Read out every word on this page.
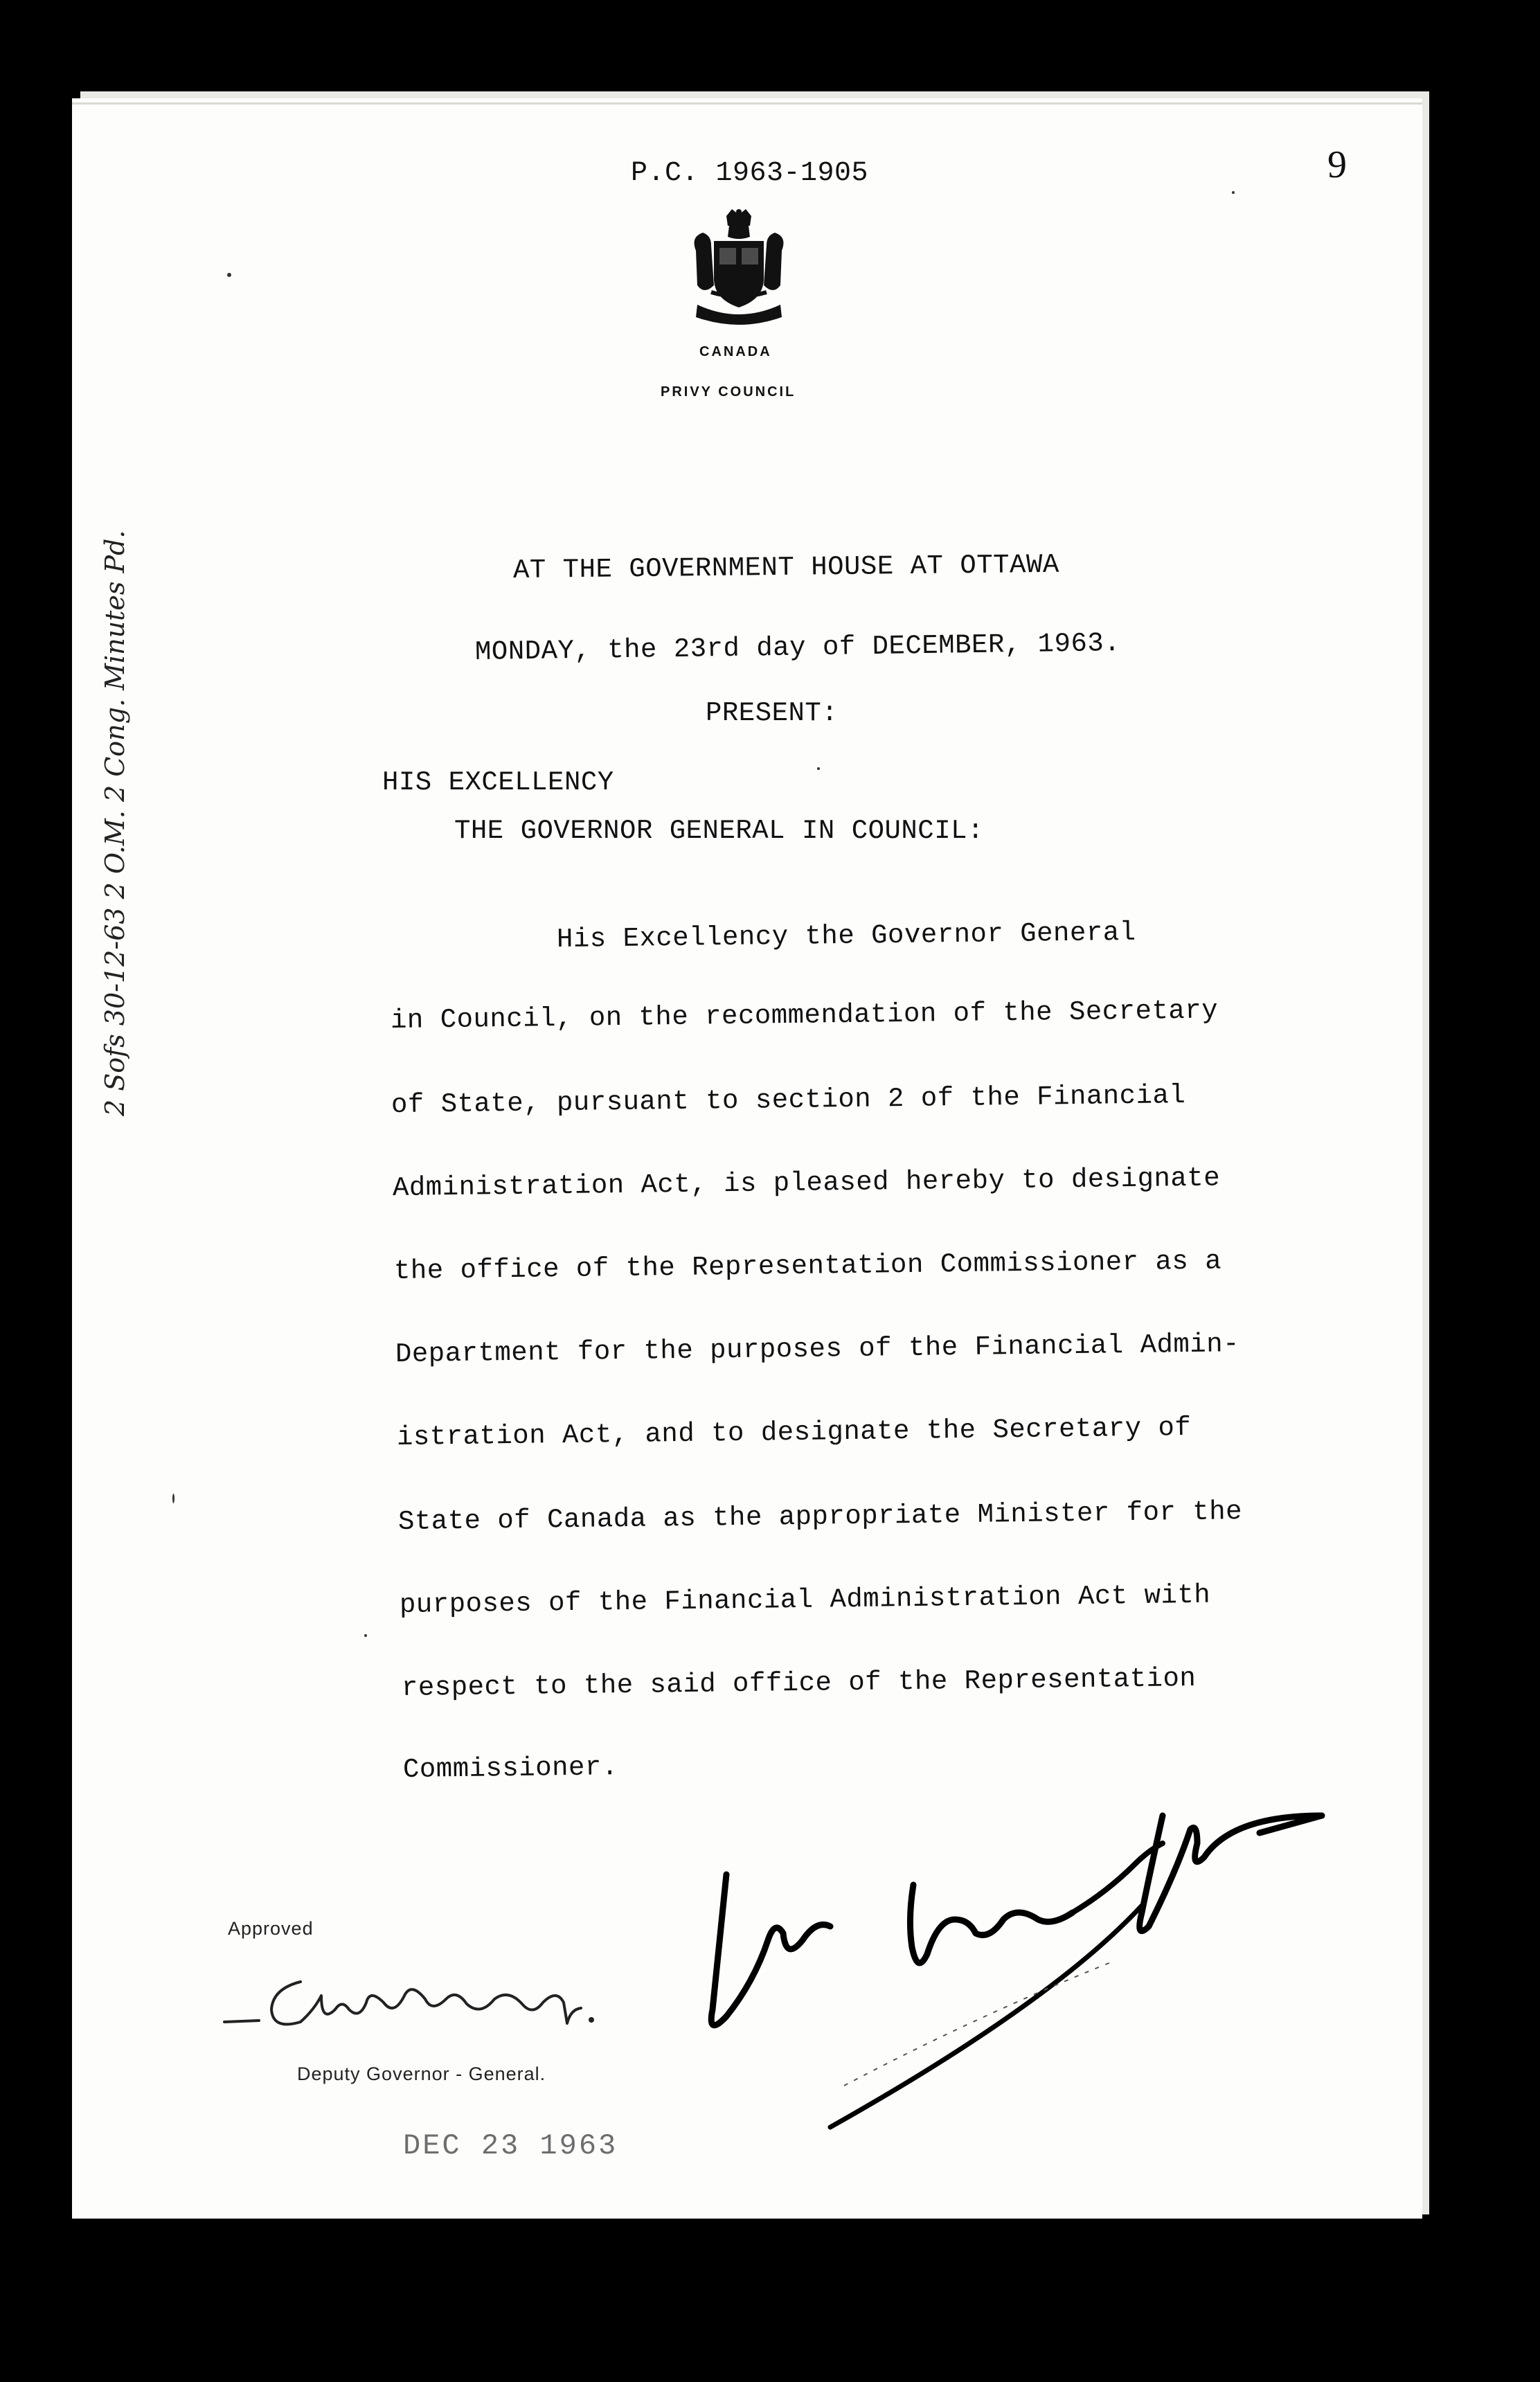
P.C. 1963-1905	9
CANADA
PRIVY COUNCIL
AT THE GOVERNMENT HOUSE AT OTTAWA
MONDAY, the 23rd day of DECEMBER, 1963.
PRESENT:
HIS EXCELLENCY
THE GOVERNOR GENERAL IN COUNCIL:
His Excellency the Governor General
in Council, on the recommendation of the Secretary
of State, pursuant to section 2 of the Financial
Administration Act, is pleased hereby to designate
the office of the Representation Commissioner as a
Department for the purposes of the Financial Admin-
istration Act, and to designate the Secretary of
State of Canada as the appropriate Minister for the
purposes of the Financial Administration Act with
respect to the said office of the Representation
Commissioner.
2 Sofs 30-12-63 2 O.M. 2 Cong. Minutes Pd.
Approved
Deputy Governor - General.
DEC 23 1963
